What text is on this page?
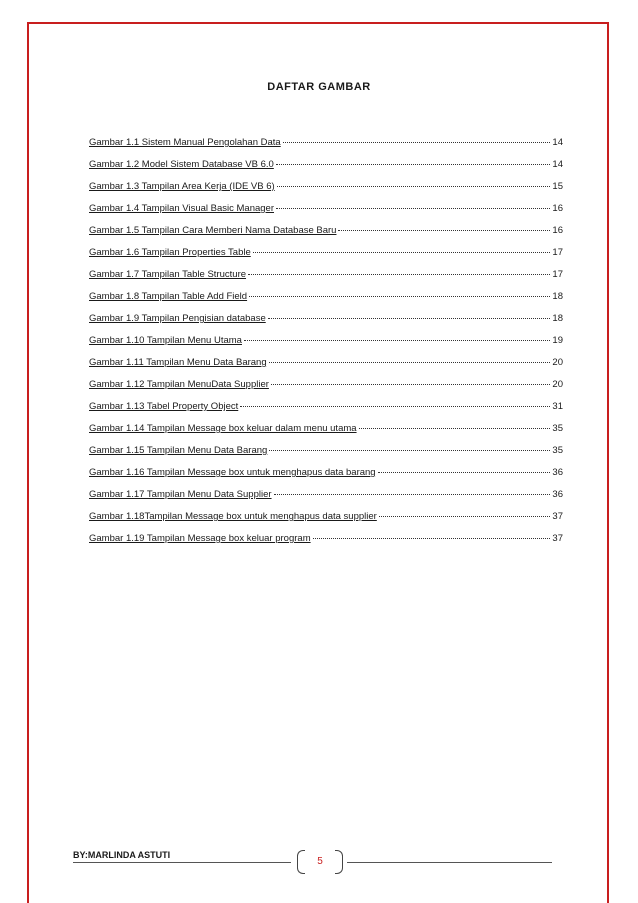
DAFTAR GAMBAR
Gambar 1.1 Sistem Manual Pengolahan Data	14
Gambar 1.2 Model Sistem Database VB 6.0	14
Gambar 1.3 Tampilan Area Kerja (IDE VB 6)	15
Gambar 1.4 Tampilan Visual Basic Manager	16
Gambar 1.5 Tampilan Cara Memberi Nama Database Baru	16
Gambar 1.6 Tampilan Properties Table	17
Gambar 1.7 Tampilan Table Structure	17
Gambar 1.8 Tampilan Table Add Field	18
Gambar 1.9 Tampilan Pengisian database	18
Gambar 1.10 Tampilan Menu Utama	19
Gambar 1.11 Tampilan Menu Data Barang	20
Gambar 1.12 Tampilan MenuData Supplier	20
Gambar 1.13 Tabel Property Object	31
Gambar 1.14 Tampilan Message box keluar dalam menu utama	35
Gambar 1.15 Tampilan Menu Data Barang	35
Gambar 1.16 Tampilan Message box untuk menghapus data barang	36
Gambar 1.17 Tampilan Menu Data Supplier	36
Gambar 1.18Tampilan Message box untuk menghapus data supplier	37
Gambar 1.19 Tampilan Message box keluar program	37
BY:MARLINDA ASTUTI
5
